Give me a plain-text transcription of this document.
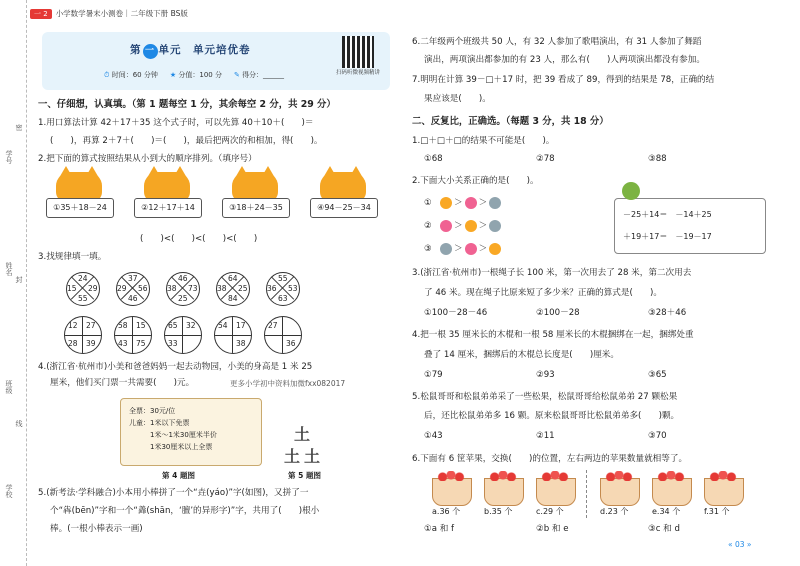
学号
姓名
班级
学校
密
封
线
一 2	小学数学暑末小测卷｜二年级下册 BS版
第 一 单元　单元培优卷
⏱ 时间：60 分钟 ★ 分值：100 分 ✎ 得分：______	扫码听微视频精讲
一、仔细想，认真填。（第 1 题每空 1 分，其余每空 2 分，共 29 分）
1.用口算法计算 42＋17＋35 这个式子时，可以先算 40＋10＋(　　)＝
(　　)，再算 2＋7＋(　　)＝(　　)，最后把两次的和相加，得(　　)。
2.把下面的算式按照结果从小到大的顺序排列。（填序号）
①35＋18－24	②12＋17＋14	③18＋24－35	④94－25－34
(　　)<(　　)<(　　)<(　　)
3.找规律填一填。
24
15 29
55
37
29 56
46
46
38 73
25
64
38 25
84
55
36 53
63
12 27
28 39
58 15
43 75
65 32
33
54 17
38
27
36
4.(浙江省·杭州市)小美和爸爸妈妈一起去动物园，小美的身高是 1 米 25
厘米，他们买门票一共需要(　　)元。	更多小学初中资料加微fxx082017
全票：30元/位
儿童：1米以下免票
　　　1米～1米30厘米半价
　　　1米30厘米以上全票
第 4 题图
土
土 土
第 5 题图
5.(新考法·学科融合)小本用小棒拼了一个“垚(yáo)”字(如图)，又拼了一
个“犇(bēn)”字和一个“羴(shān，‘膻’的异形字)”字，共用了(　　)根小
棒。(一根小棒表示一画)
6.二年级两个班级共 50 人，有 32 人参加了歌唱演出，有 31 人参加了舞蹈
演出，两项演出都参加的有 23 人，那么有(　　)人两项演出都没有参加。
7.明明在计算 39－□＋17 时，把 39 看成了 89，得到的结果是 78，正确的结
果应该是(　　)。
二、反复比，正确选。（每题 3 分，共 18 分）
1.□＋□＋□的结果不可能是(　　)。
①68	②78	③88
2.下面大小关系正确的是(　　)。
①	＞ ＞
②	＞ ＞
③	＞ ＞
－25＋14＝　－14＋25
＋19＋17＝　－19－17
3.(浙江省·杭州市)一根绳子长 100 米，第一次用去了 28 米，第二次用去
了 46 米。现在绳子比原来短了多少米？正确的算式是(　　)。
①100－28－46	②100－28	③28＋46
4.把一根 35 厘米长的木棍和一根 58 厘米长的木棍捆绑在一起，捆绑处重
叠了 14 厘米，捆绑后的木棍总长度是(　　)厘米。
①79	②93	③65
5.松鼠哥哥和松鼠弟弟采了一些松果，松鼠哥哥给松鼠弟弟 27 颗松果
后，还比松鼠弟弟多 16 颗。原来松鼠哥哥比松鼠弟弟多(　　)颗。
①43	②11	③70
6.下面有 6 筐苹果，交换(　　)的位置，左右两边的苹果数量就相等了。
a.36 个	b.35 个	c.29 个	d.23 个	e.34 个	f.31 个
①a 和 f	②b 和 e	③c 和 d
« 03 »
